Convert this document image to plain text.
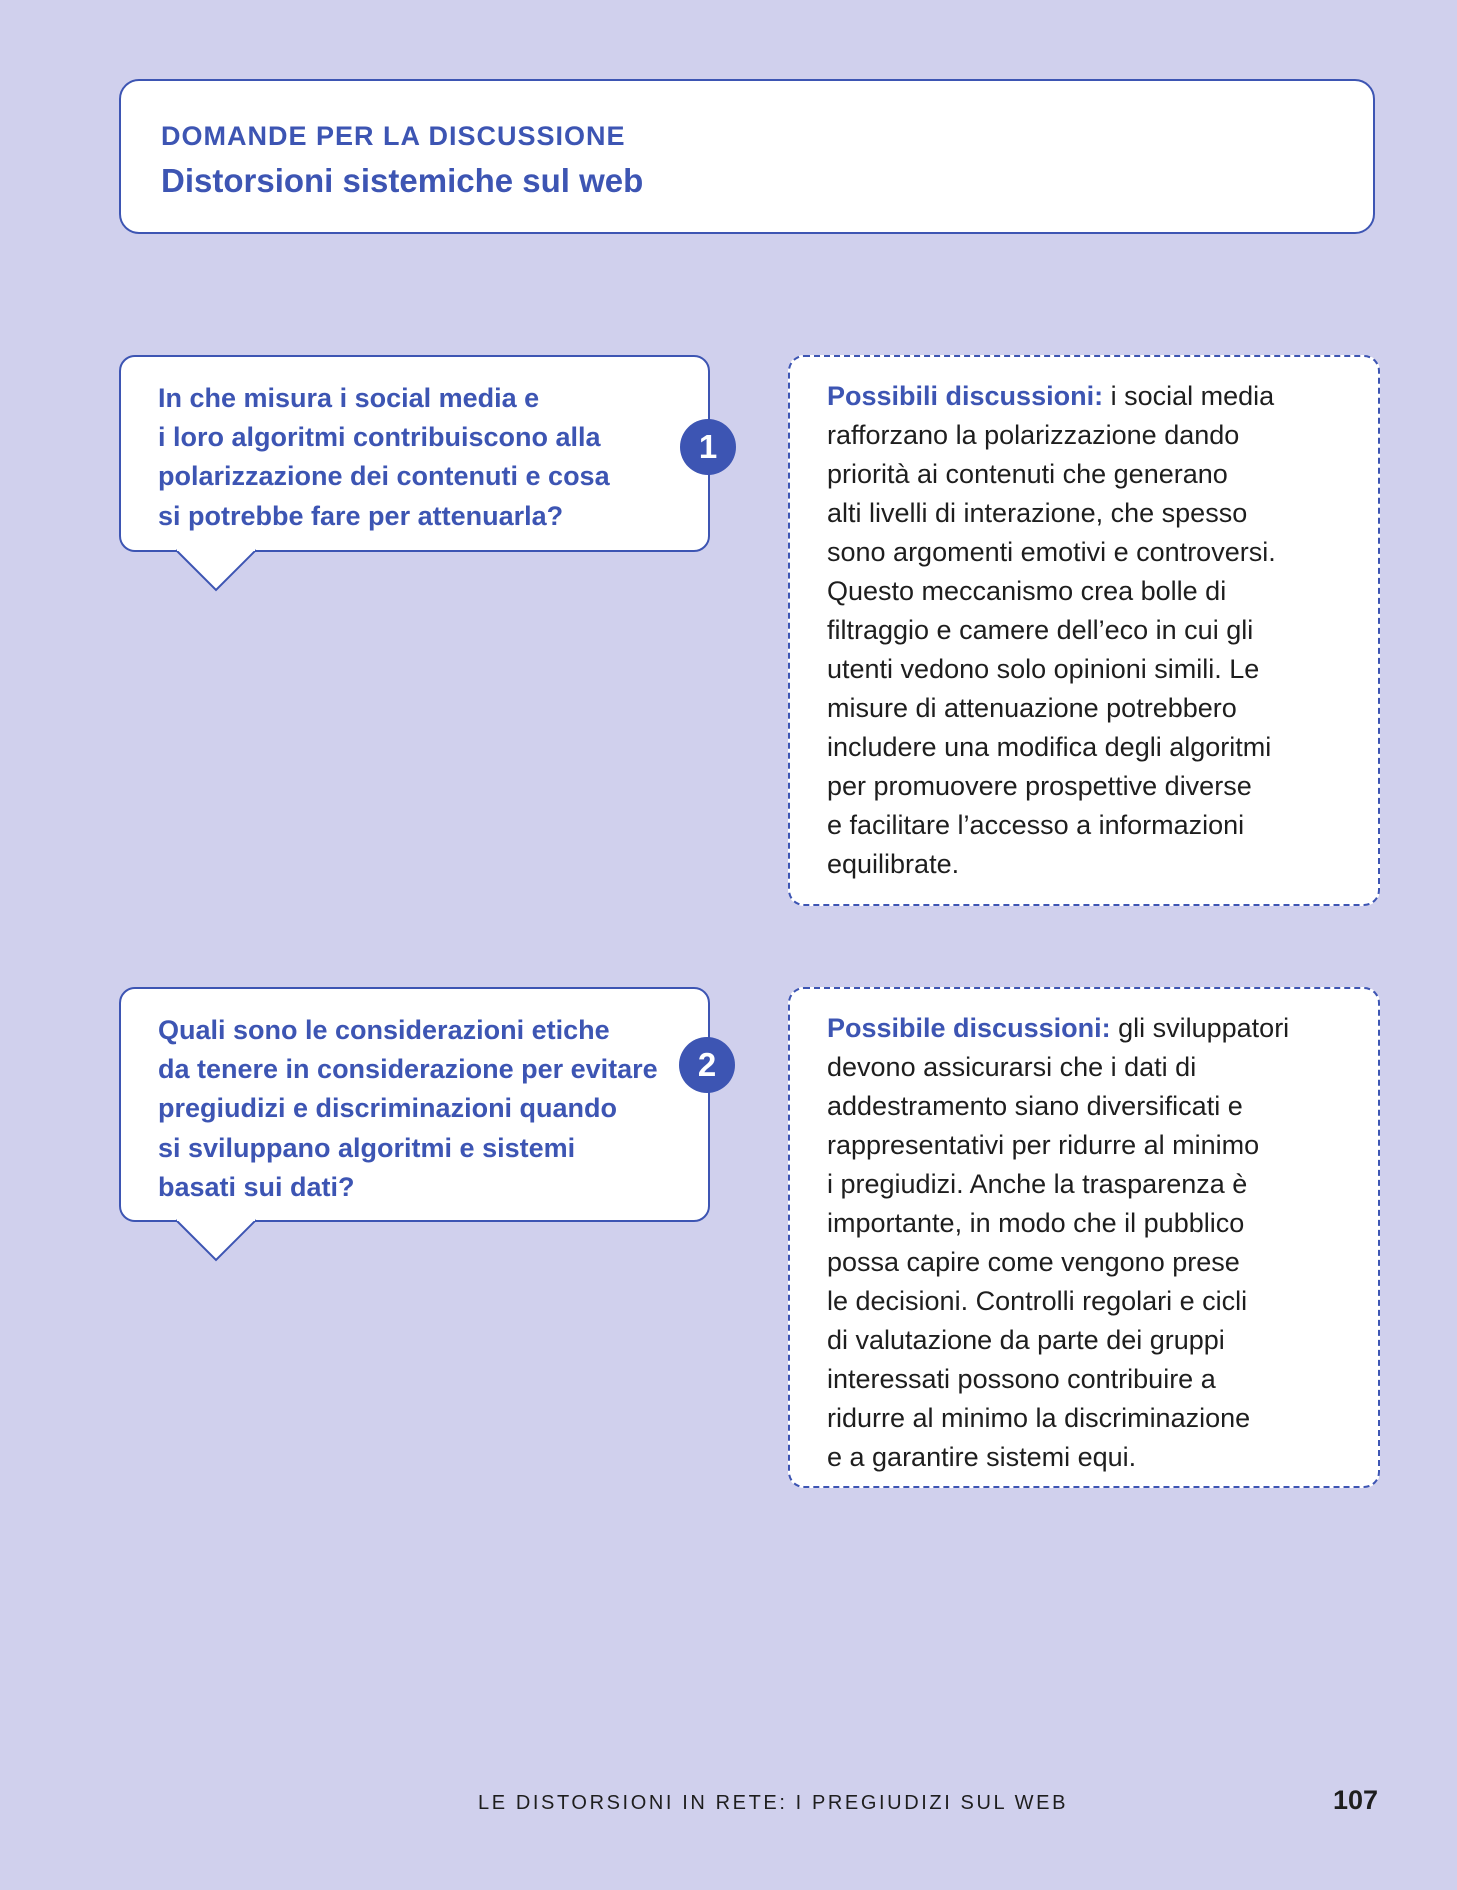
DOMANDE PER LA DISCUSSIONE
Distorsioni sistemiche sul web
In che misura i social media e
i loro algoritmi contribuiscono alla
polarizzazione dei contenuti e cosa
si potrebbe fare per attenuarla?
1
Possibili discussioni: i social media
rafforzano la polarizzazione dando
priorità ai contenuti che generano
alti livelli di interazione, che spesso
sono argomenti emotivi e controversi.
Questo meccanismo crea bolle di
filtraggio e camere dell’eco in cui gli
utenti vedono solo opinioni simili. Le
misure di attenuazione potrebbero
includere una modifica degli algoritmi
per promuovere prospettive diverse
e facilitare l’accesso a informazioni
equilibrate.
Quali sono le considerazioni etiche
da tenere in considerazione per evitare
pregiudizi e discriminazioni quando
si sviluppano algoritmi e sistemi
basati sui dati?
2
Possibile discussioni: gli sviluppatori
devono assicurarsi che i dati di
addestramento siano diversificati e
rappresentativi per ridurre al minimo
i pregiudizi. Anche la trasparenza è
importante, in modo che il pubblico
possa capire come vengono prese
le decisioni. Controlli regolari e cicli
di valutazione da parte dei gruppi
interessati possono contribuire a
ridurre al minimo la discriminazione
e a garantire sistemi equi.
LE DISTORSIONI IN RETE: I PREGIUDIZI SUL WEB	107
